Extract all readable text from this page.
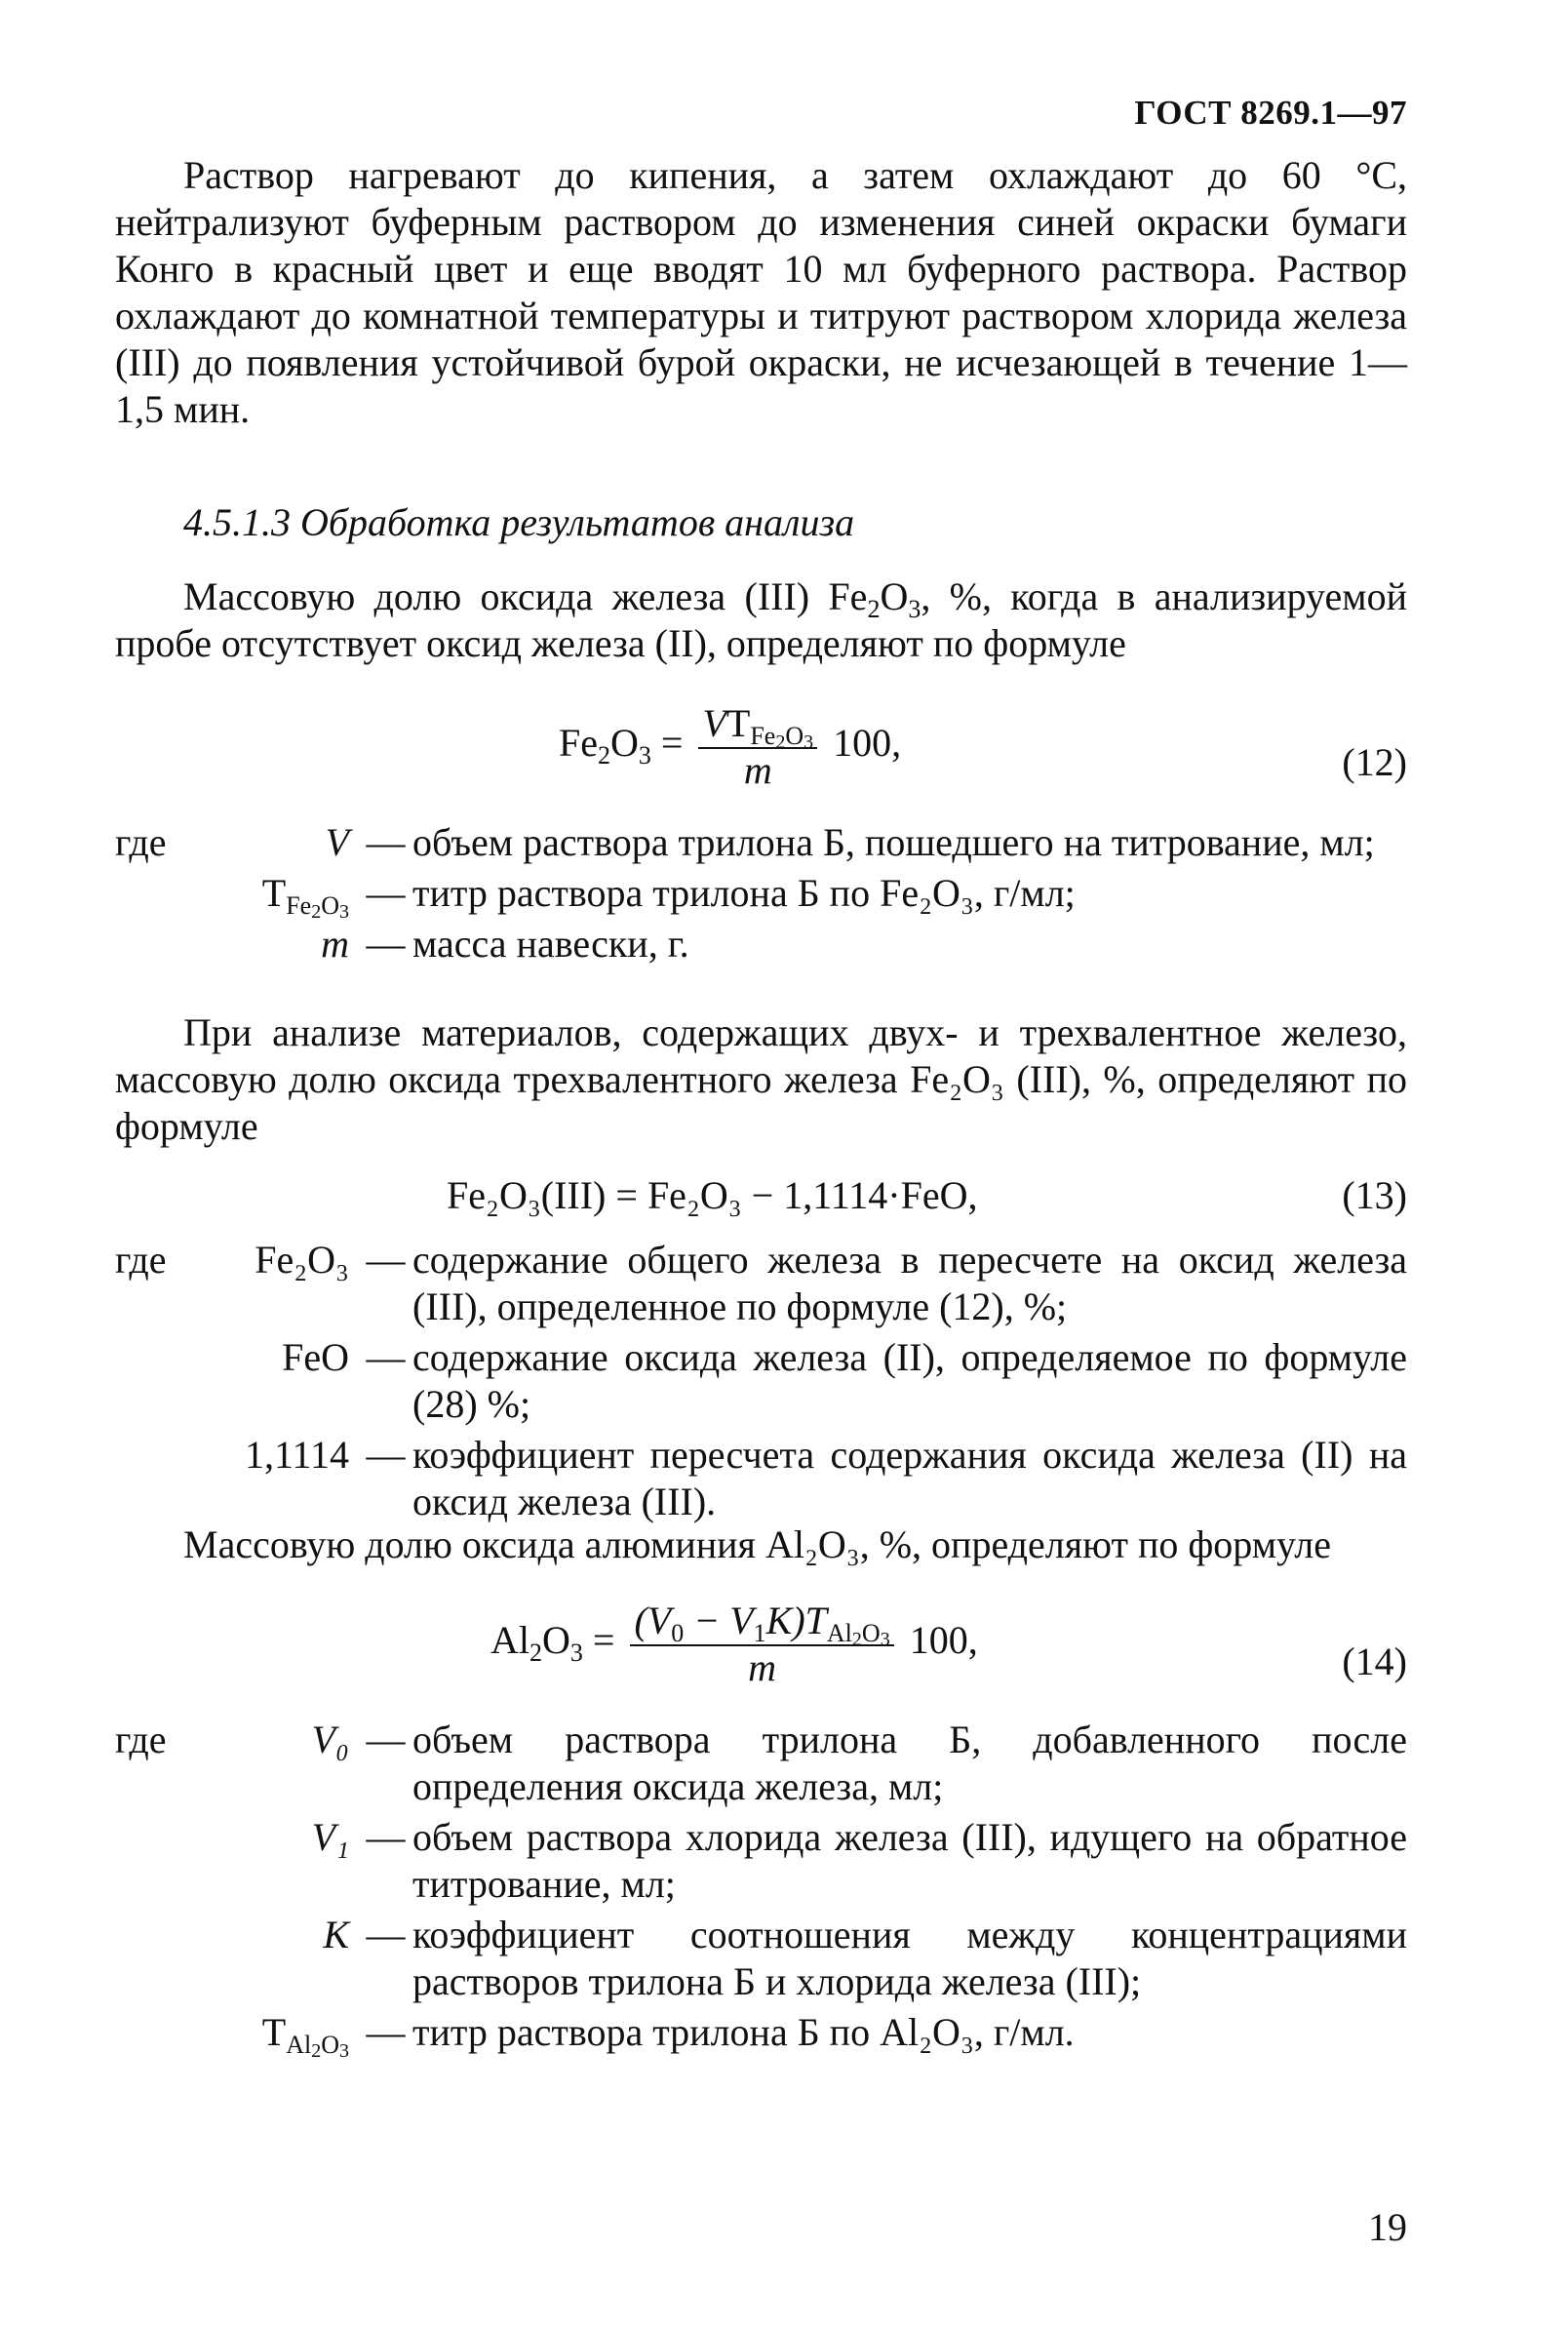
ГОСТ 8269.1—97

Раствор нагревают до кипения, а затем охлаждают до 60 °С, нейтрализуют буферным раствором до изменения синей окраски бумаги Конго в красный цвет и еще вводят 10 мл буферного раствора. Раствор охлаждают до комнатной температуры и титруют раствором хлорида железа (III) до появления устойчивой бурой окраски, не исчезающей в течение 1—1,5 мин.

4.5.1.3 Обработка результатов анализа

Массовую долю оксида железа (III) $Fe_2O_3$, %, когда в анализируемой пробе отсутствует оксид железа (II), определяют по формуле

$Fe_2O_3 = \frac{VT_{Fe_2O_3}}{m} 100$,	(12)
где	V — объем раствора трилона Б, пошедшего на титрование, мл;
$T_{Fe_2O_3}$ — титр раствора трилона Б по Fe₂O₃, г/мл;
m — масса навески, г.

При анализе материалов, содержащих двух- и трехвалентное железо, массовую долю оксида трехвалентного железа Fe₂O₃ (III), %, определяют по формуле

Fe₂O₃(III) = Fe₂O₃ − 1,1114·FeO,	(13)
где	Fe₂O₃ — содержание общего железа в пересчете на оксид железа (III), определенное по формуле (12), %;
FeO — содержание оксида железа (II), определяемое по формуле (28) %;
1,1114 — коэффициент пересчета содержания оксида железа (II) на оксид железа (III).

Массовую долю оксида алюминия Al₂O₃, %, определяют по формуле

$Al_2O_3 = \frac{(V_0 - V_1K)T_{Al_2O_3}}{m} 100$,	(14)
где	V₀ — объем раствора трилона Б, добавленного после определения оксида железа, мл;
V₁ — объем раствора хлорида железа (III), идущего на обратное титрование, мл;
K — коэффициент соотношения между концентрациями растворов трилона Б и хлорида железа (III);
$T_{Al_2O_3}$ — титр раствора трилона Б по Al₂O₃, г/мл.
19
